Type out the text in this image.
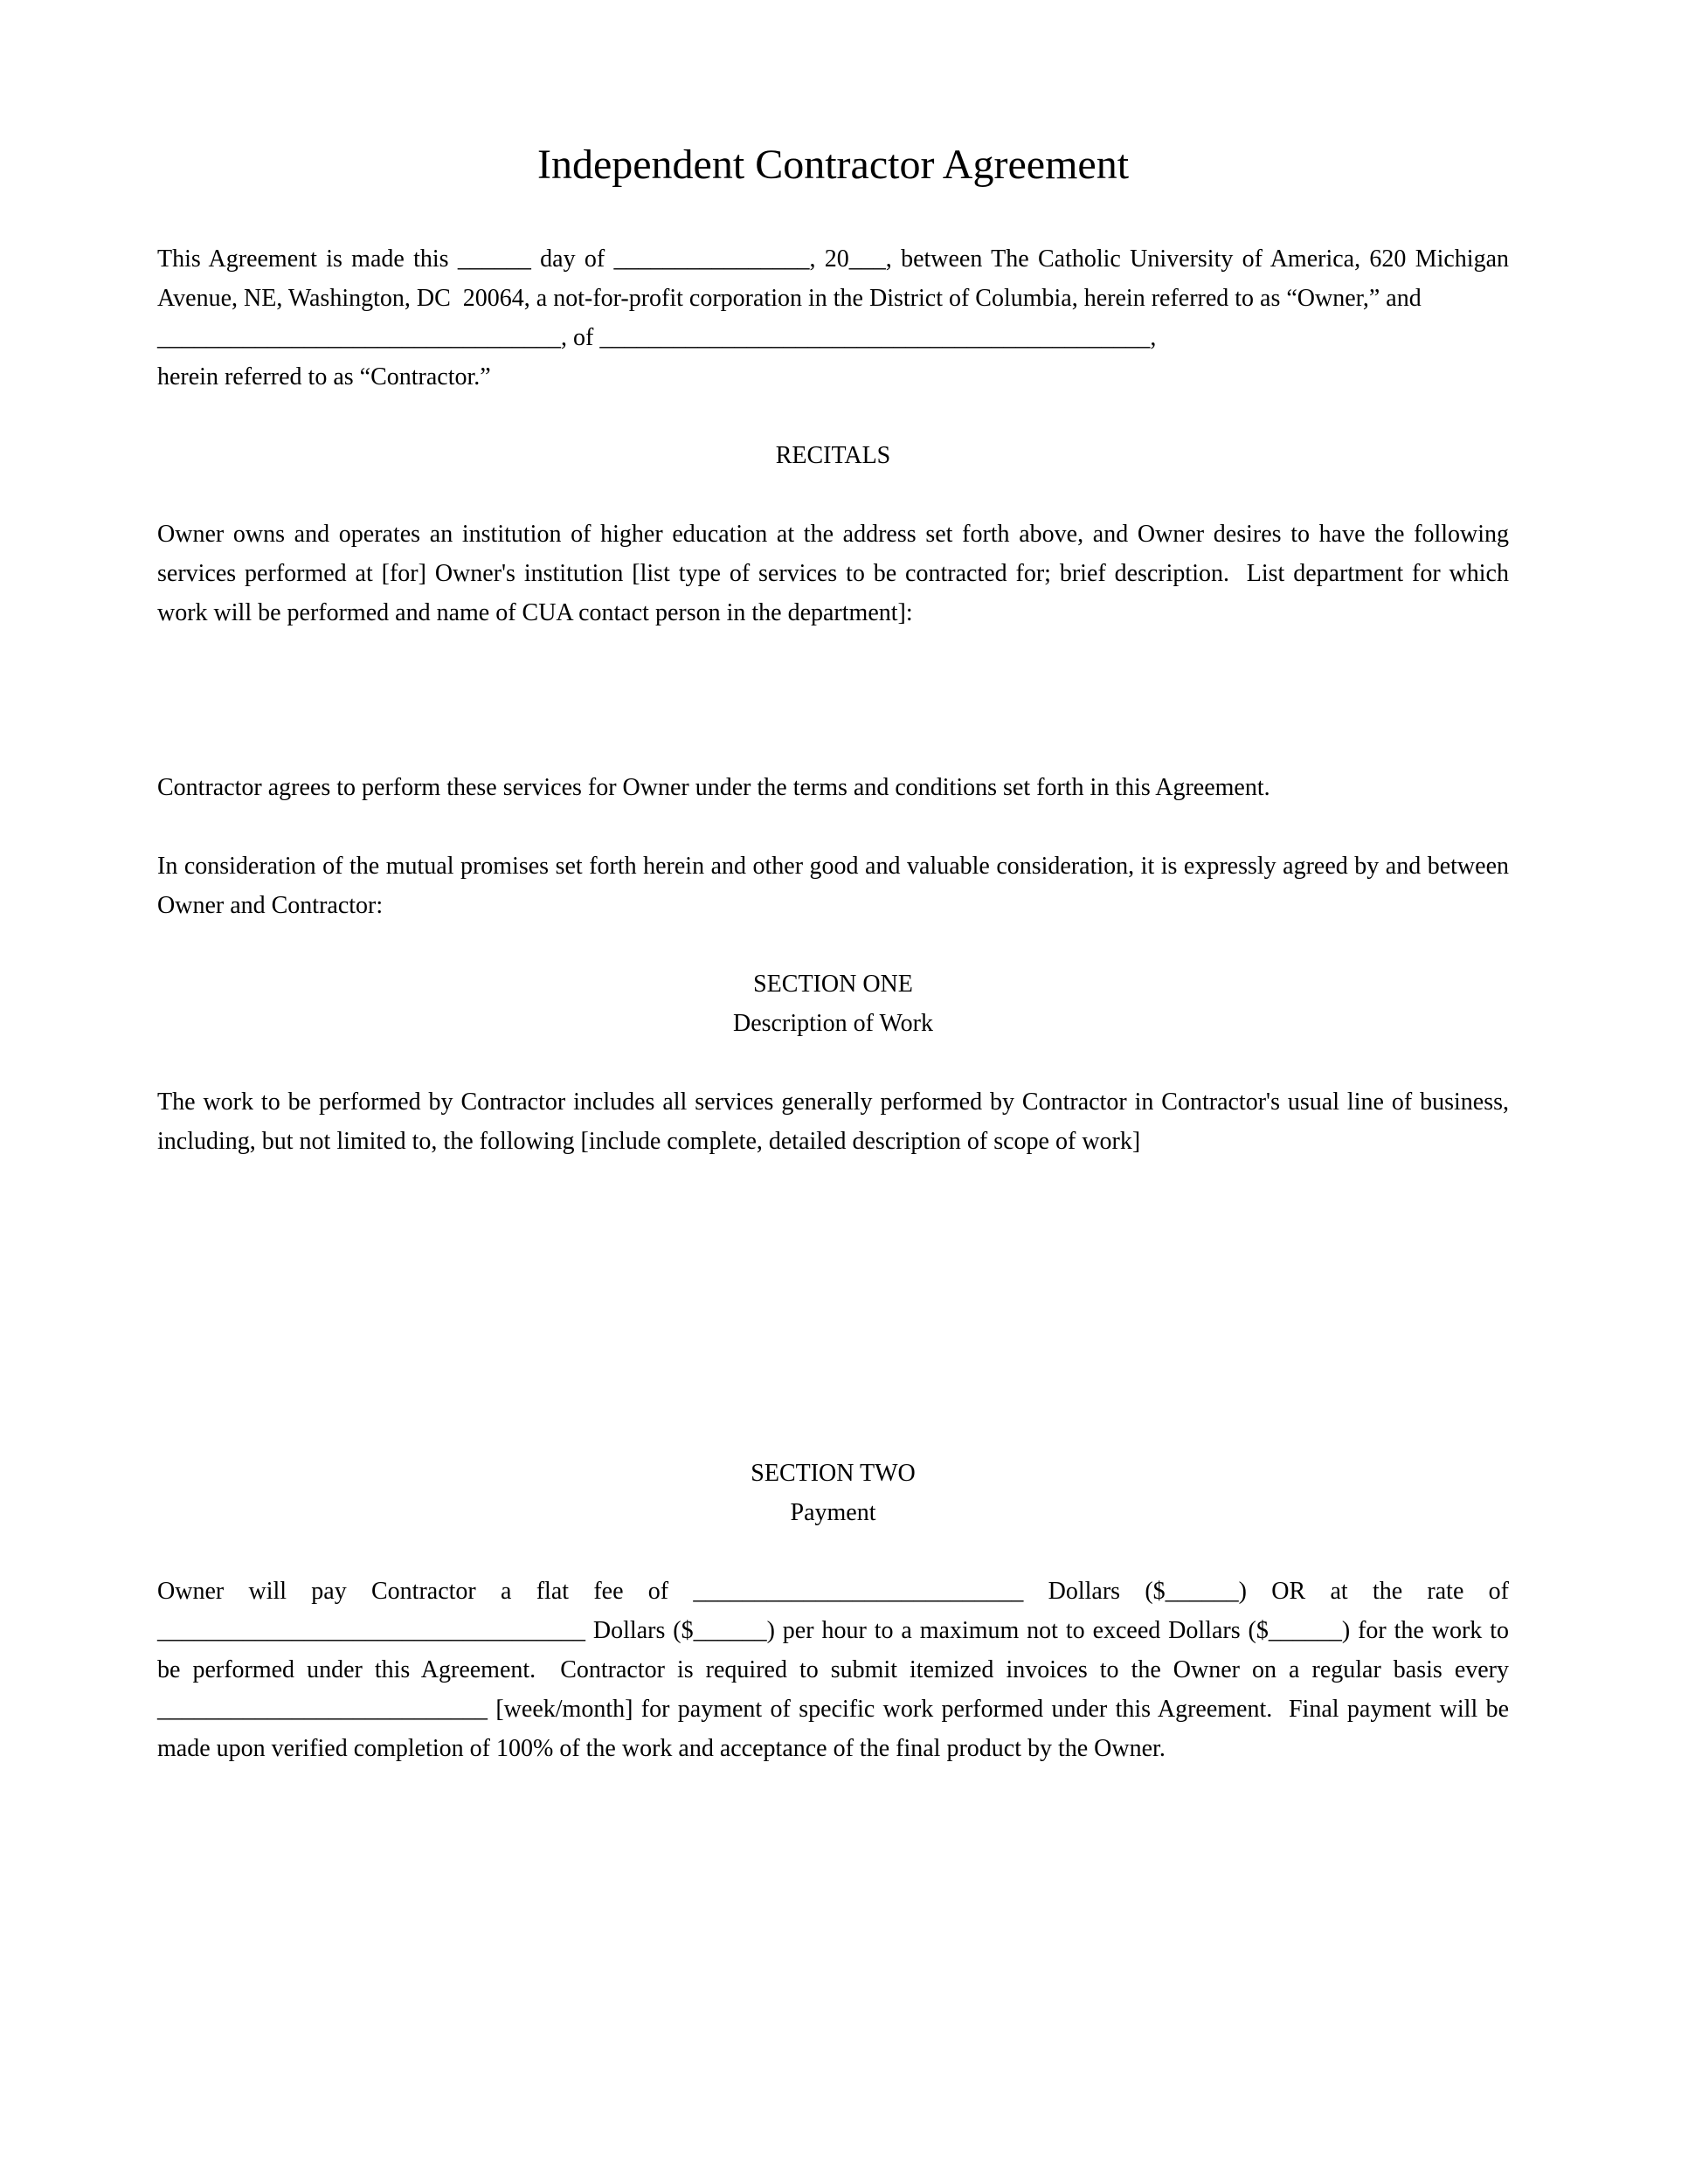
Independent Contractor Agreement

This Agreement is made this ______ day of ________________, 20___, between The Catholic University of America, 620 Michigan Avenue, NE, Washington, DC  20064, a not-for-profit corporation in the District of Columbia, herein referred to as “Owner,” and

_________________________________, of _____________________________________________,

herein referred to as “Contractor.”

RECITALS

Owner owns and operates an institution of higher education at the address set forth above, and Owner desires to have the following services performed at [for] Owner's institution [list type of services to be contracted for; brief description.  List department for which work will be performed and name of CUA contact person in the department]:

Contractor agrees to perform these services for Owner under the terms and conditions set forth in this Agreement.

In consideration of the mutual promises set forth herein and other good and valuable consideration, it is expressly agreed by and between Owner and Contractor:

SECTION ONE
Description of Work

The work to be performed by Contractor includes all services generally performed by Contractor in Contractor's usual line of business, including, but not limited to, the following [include complete, detailed description of scope of work]

SECTION TWO
Payment

Owner will pay Contractor a flat fee of ___________________________ Dollars ($______) OR at the rate of ___________________________________ Dollars ($______) per hour to a maximum not to exceed Dollars ($______) for the work to be performed under this Agreement.  Contractor is required to submit itemized invoices to the Owner on a regular basis every ___________________________ [week/month] for payment of specific work performed under this Agreement.  Final payment will be made upon verified completion of 100% of the work and acceptance of the final product by the Owner.
